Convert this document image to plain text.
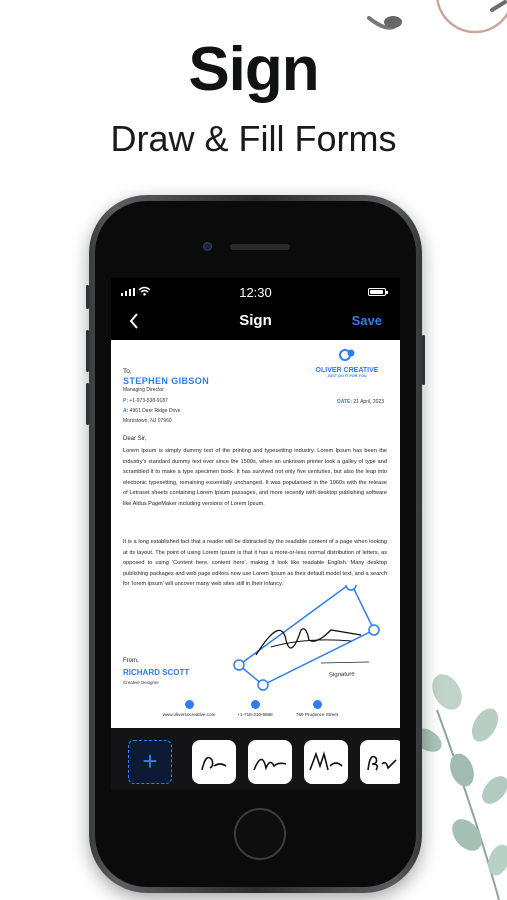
Sign
Draw & Fill Forms
12:30
Sign	Save
OLIVER CREATIVE
JUST DO IT FOR YOU
To,
STEPHEN GIBSON
Managing Director
P: +1-973-538-9187
A: 4961 Deer Ridge Drive
Morristown, NJ 07960
DATE: 21 April, 2023
Dear Sir,
Lorem Ipsum is simply dummy text of the printing and typesetting industry. Lorem Ipsum has been the industry's standard dummy text ever since the 1500s, when an unknown printer took a galley of type and scrambled it to make a type specimen book. It has survived not only five centuries, but also the leap into electronic typesetting, remaining essentially unchanged. It was popularised in the 1960s with the release of Letraset sheets containing Lorem Ipsum passages, and more recently with desktop publishing software like Aldus PageMaker including versions of Lorem Ipsum.
It is a long established fact that a reader will be distracted by the readable content of a page when looking at its layout. The point of using Lorem Ipsum is that it has a more-or-less normal distribution of letters, as opposed to using 'Content here, content here', making it look like readable English. Many desktop publishing packages and web page editors now use Lorem Ipsum as their default model text, and a search for 'lorem ipsum' will uncover many web sites still in their infancy.
From,
RICHARD SCOTT
Creative Designer
www.oliversocreative.com	+1-718-310-5588	769 Prudence Street
Signature
+
